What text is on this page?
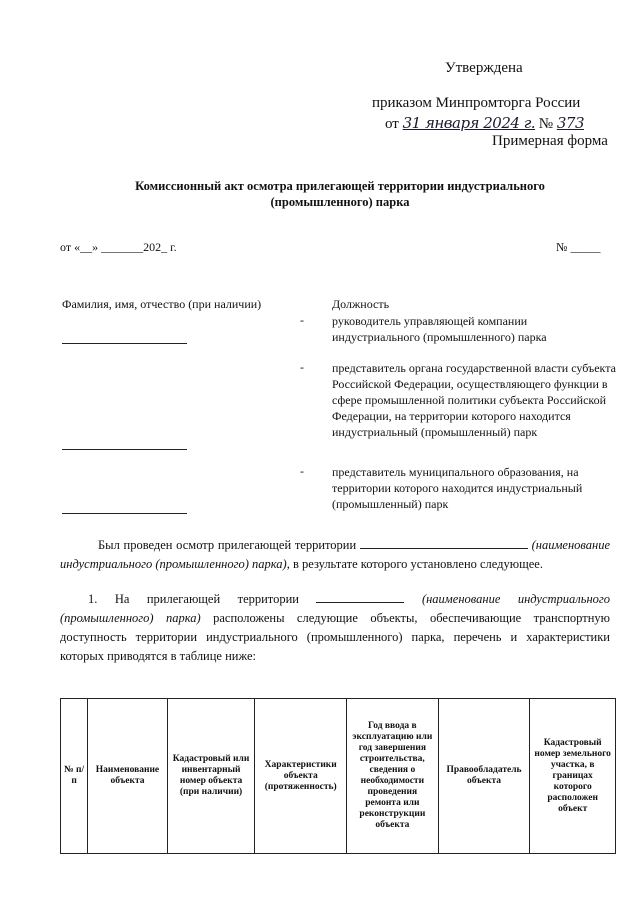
Утверждена
приказом Минпромторга России
от 31 января 2024 г. № 373
Примерная форма
Комиссионный акт осмотра прилегающей территории индустриального
(промышленного) парка
от «__» _______202_ г.	№ _____
Фамилия, имя, отчество (при наличии)	Должность
- руководитель управляющей компании индустриального (промышленного) парка
- представитель органа государственной власти субъекта Российской Федерации, осуществляющего функции в сфере промышленной политики субъекта Российской Федерации, на территории которого находится индустриальный (промышленный) парк
- представитель муниципального образования, на территории которого находится индустриальный (промышленный) парк
Был проведен осмотр прилегающей территории	(наименование индустриального (промышленного) парка), в результате которого установлено следующее.
1. На прилегающей территории	(наименование индустриального (промышленного) парка) расположены следующие объекты, обеспечивающие транспортную доступность территории индустриального (промышленного) парка, перечень и характеристики которых приводятся в таблице ниже:
№ п/п	Наименование объекта	Кадастровый или инвентарный номер объекта (при наличии)	Характеристики объекта (протяженность)	Год ввода в эксплуатацию или год завершения строительства, сведения о необходимости проведения ремонта или реконструкции объекта	Правообладатель объекта	Кадастровый номер земельного участка, в границах которого расположен объект
